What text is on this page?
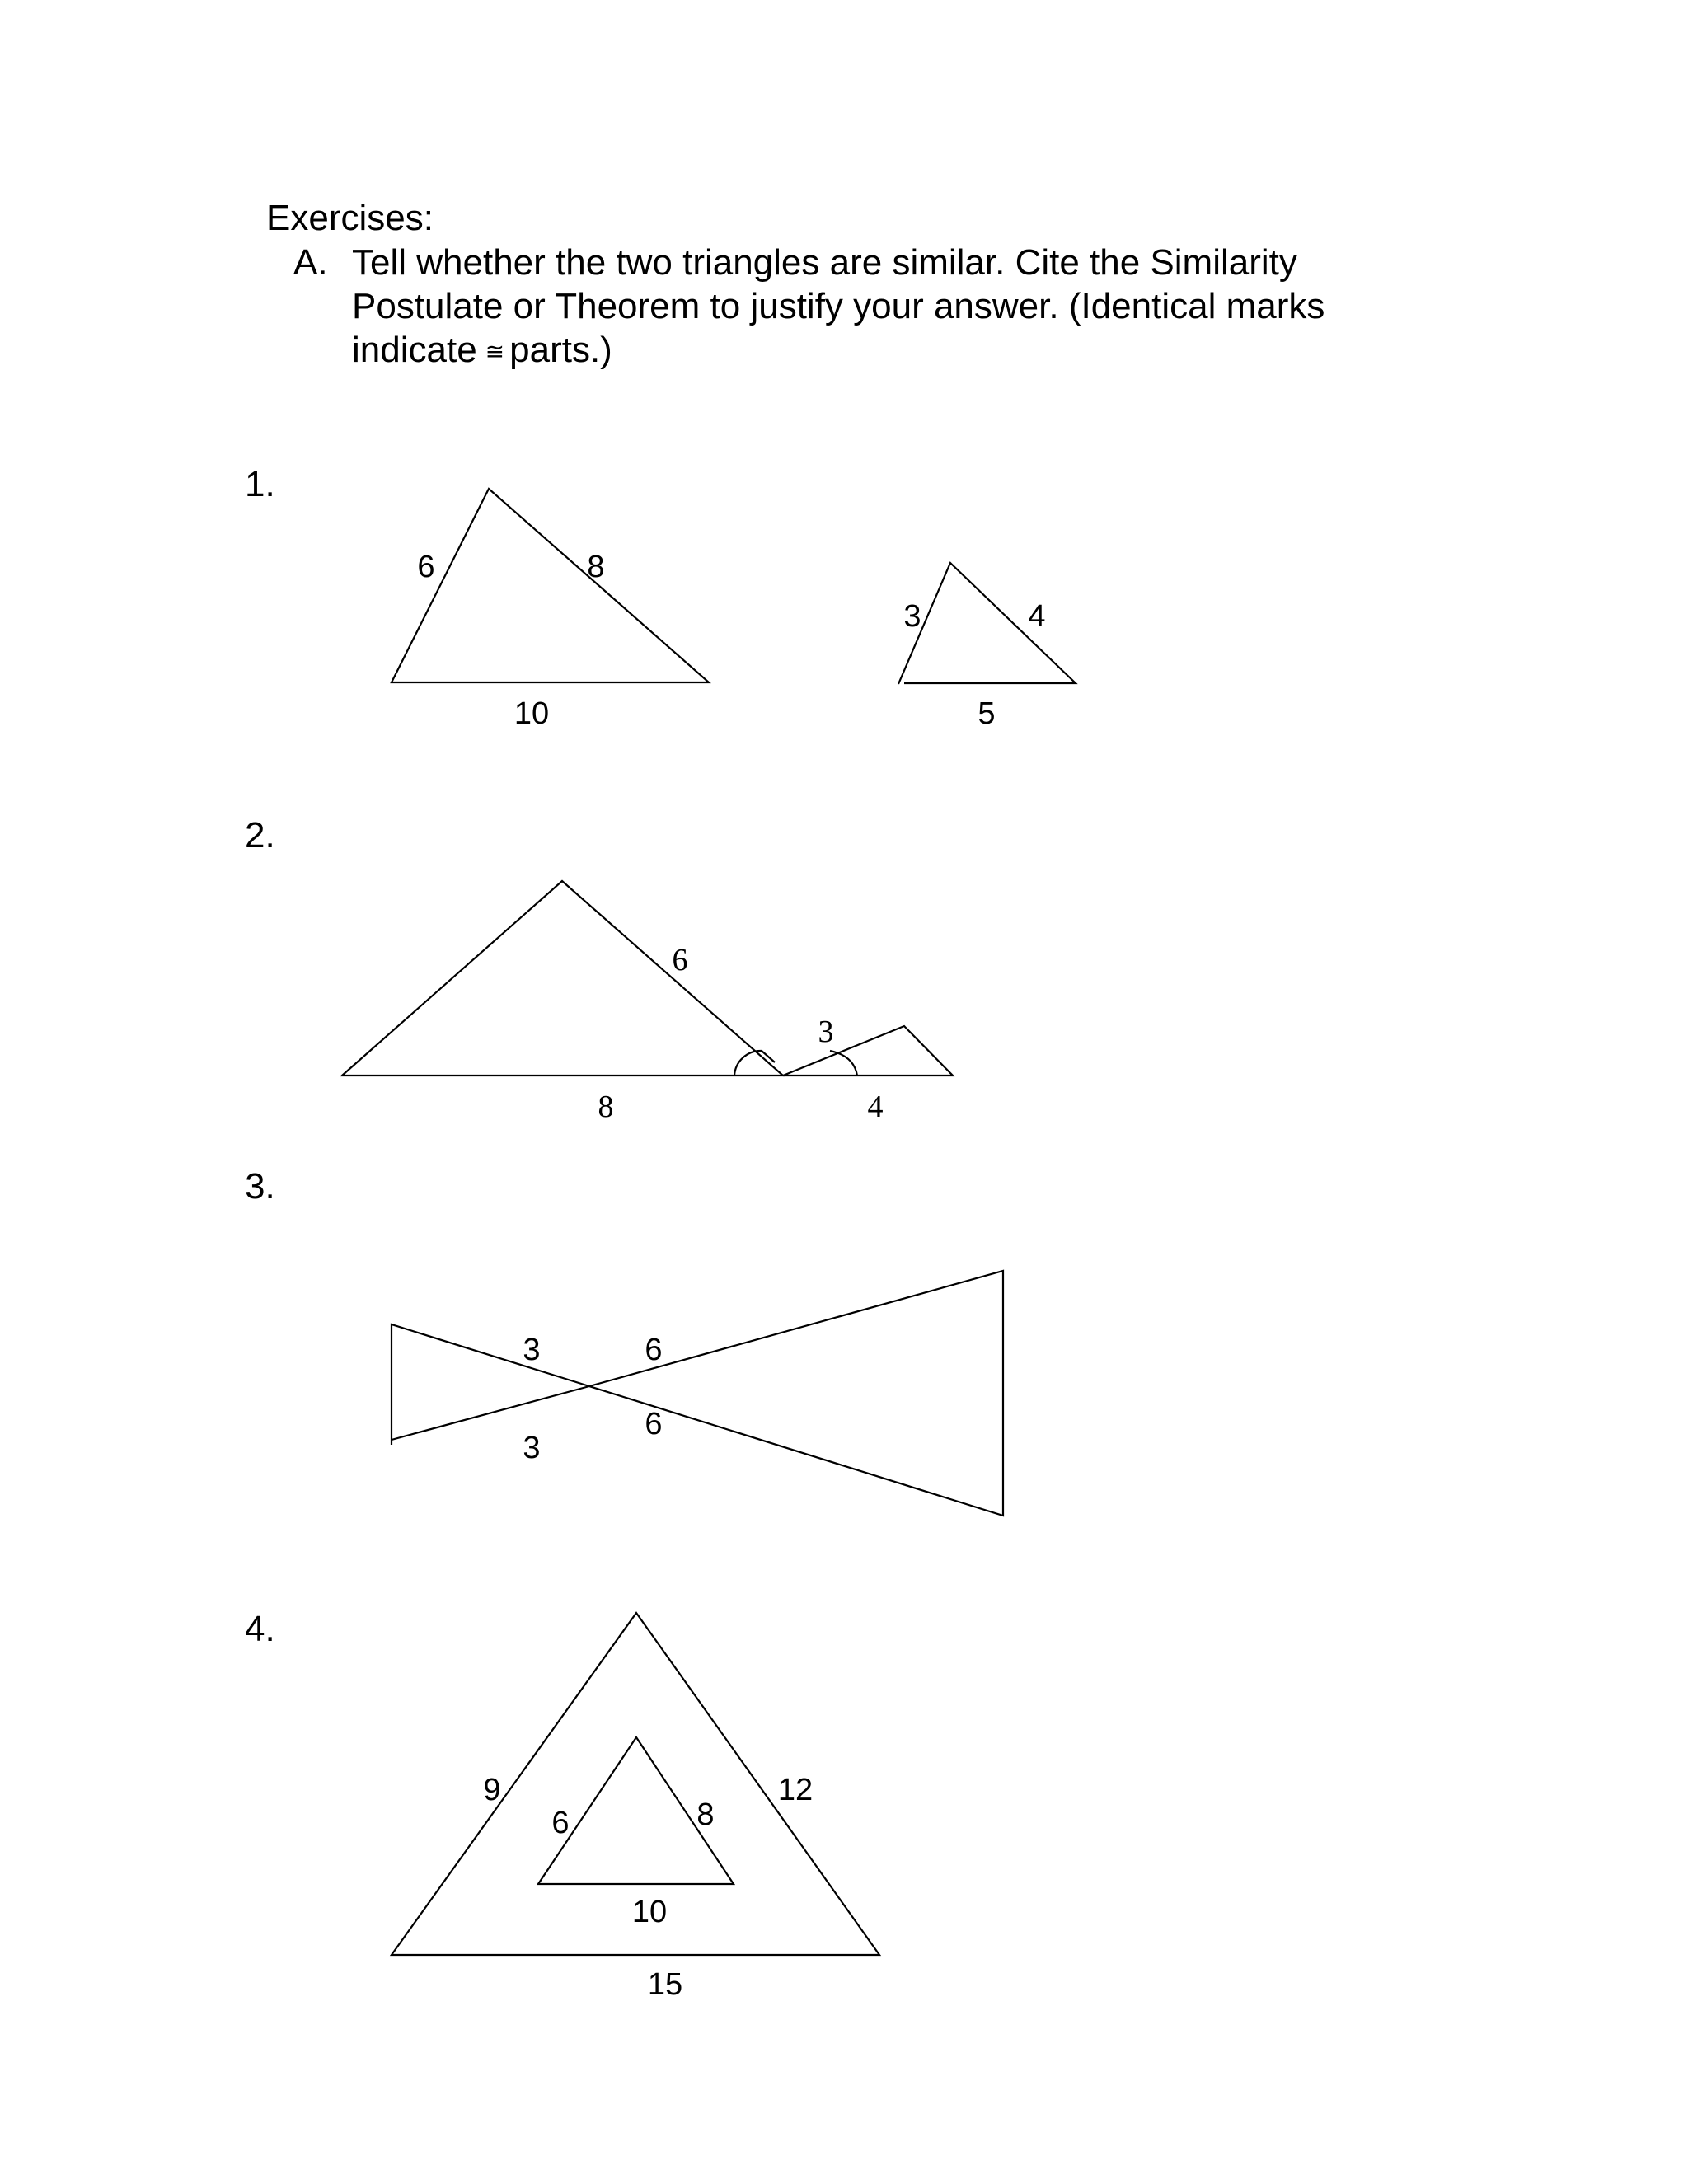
Exercises:
A. Tell whether the two triangles are similar. Cite the Similarity
Postulate or Theorem to justify your answer. (Identical marks
indicate ≅ parts.)
1.
2.
3.
4.
6	8
10
3	4
5
6
8
3
4
3	6
6
3
9	12
15
6	8
10
